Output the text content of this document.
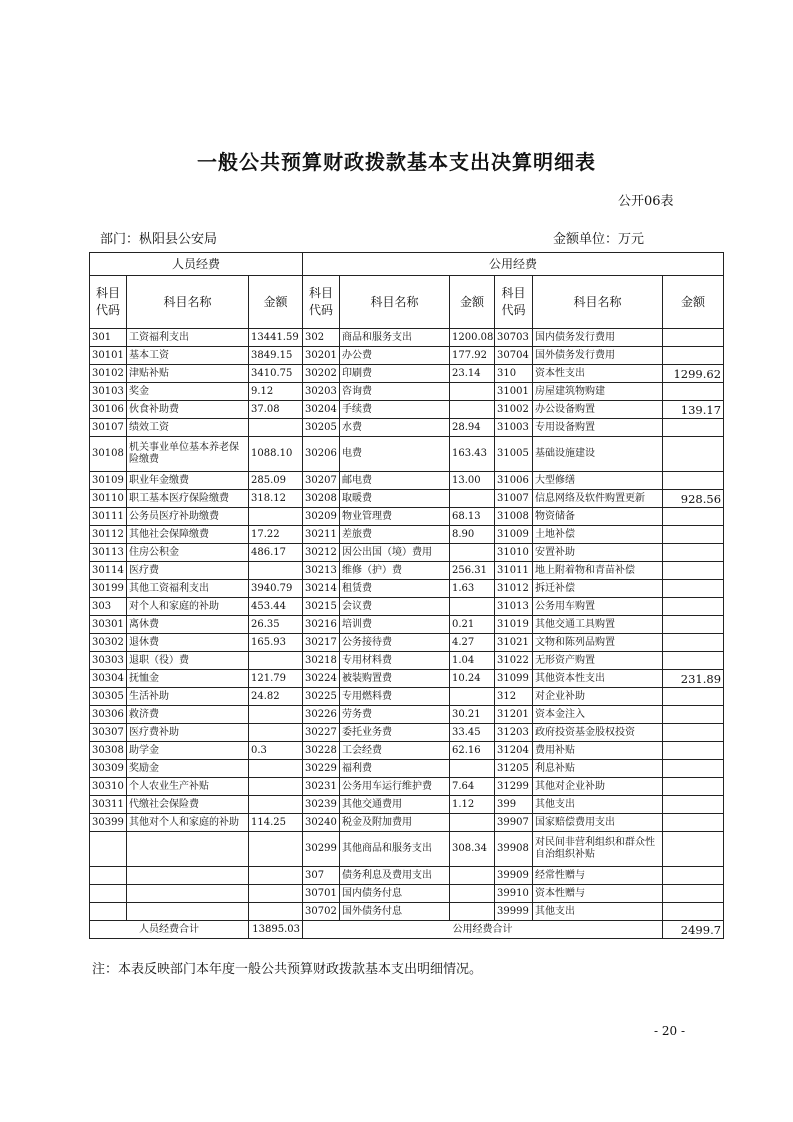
一般公共预算财政拨款基本支出决算明细表
公开06表
部门：枞阳县公安局	金额单位：万元
人员经费			公用经费					
科目代码	科目名称	金额	科目代码	科目名称	金额	科目代码	科目名称	金额
301	工资福利支出	13441.59	302	商品和服务支出	1200.08	30703	国内债务发行费用	
30101	基本工资	3849.15	30201	办公费	177.92	30704	国外债务发行费用	
30102	津贴补贴	3410.75	30202	印刷费	23.14	310	资本性支出	1299.62
30103	奖金	9.12	30203	咨询费		31001	房屋建筑物购建	
30106	伙食补助费	37.08	30204	手续费		31002	办公设备购置	139.17
30107	绩效工资		30205	水费	28.94	31003	专用设备购置	
30108	机关事业单位基本养老保险缴费	1088.10	30206	电费	163.43	31005	基础设施建设	
30109	职业年金缴费	285.09	30207	邮电费	13.00	31006	大型修缮	
30110	职工基本医疗保险缴费	318.12	30208	取暖费		31007	信息网络及软件购置更新	928.56
30111	公务员医疗补助缴费		30209	物业管理费	68.13	31008	物资储备	
30112	其他社会保障缴费	17.22	30211	差旅费	8.90	31009	土地补偿	
30113	住房公积金	486.17	30212	因公出国（境）费用		31010	安置补助	
30114	医疗费		30213	维修（护）费	256.31	31011	地上附着物和青苗补偿	
30199	其他工资福利支出	3940.79	30214	租赁费	1.63	31012	拆迁补偿	
303	对个人和家庭的补助	453.44	30215	会议费		31013	公务用车购置	
30301	离休费	26.35	30216	培训费	0.21	31019	其他交通工具购置	
30302	退休费	165.93	30217	公务接待费	4.27	31021	文物和陈列品购置	
30303	退职（役）费		30218	专用材料费	1.04	31022	无形资产购置	
30304	抚恤金	121.79	30224	被装购置费	10.24	31099	其他资本性支出	231.89
30305	生活补助	24.82	30225	专用燃料费		312	对企业补助	
30306	救济费		30226	劳务费	30.21	31201	资本金注入	
30307	医疗费补助		30227	委托业务费	33.45	31203	政府投资基金股权投资	
30308	助学金	0.3	30228	工会经费	62.16	31204	费用补贴	
30309	奖励金		30229	福利费		31205	利息补贴	
30310	个人农业生产补贴		30231	公务用车运行维护费	7.64	31299	其他对企业补助	
30311	代缴社会保险费		30239	其他交通费用	1.12	399	其他支出	
30399	其他对个人和家庭的补助	114.25	30240	税金及附加费用		39907	国家赔偿费用支出	
			30299	其他商品和服务支出	308.34	39908	对民间非营利组织和群众性自治组织补贴	
			307	债务利息及费用支出		39909	经常性赠与	
			30701	国内债务付息		39910	资本性赠与	
			30702	国外债务付息		39999	其他支出	
人员经费合计		13895.03	公用经费合计					2499.7
注：本表反映部门本年度一般公共预算财政拨款基本支出明细情况。
- 20 -
